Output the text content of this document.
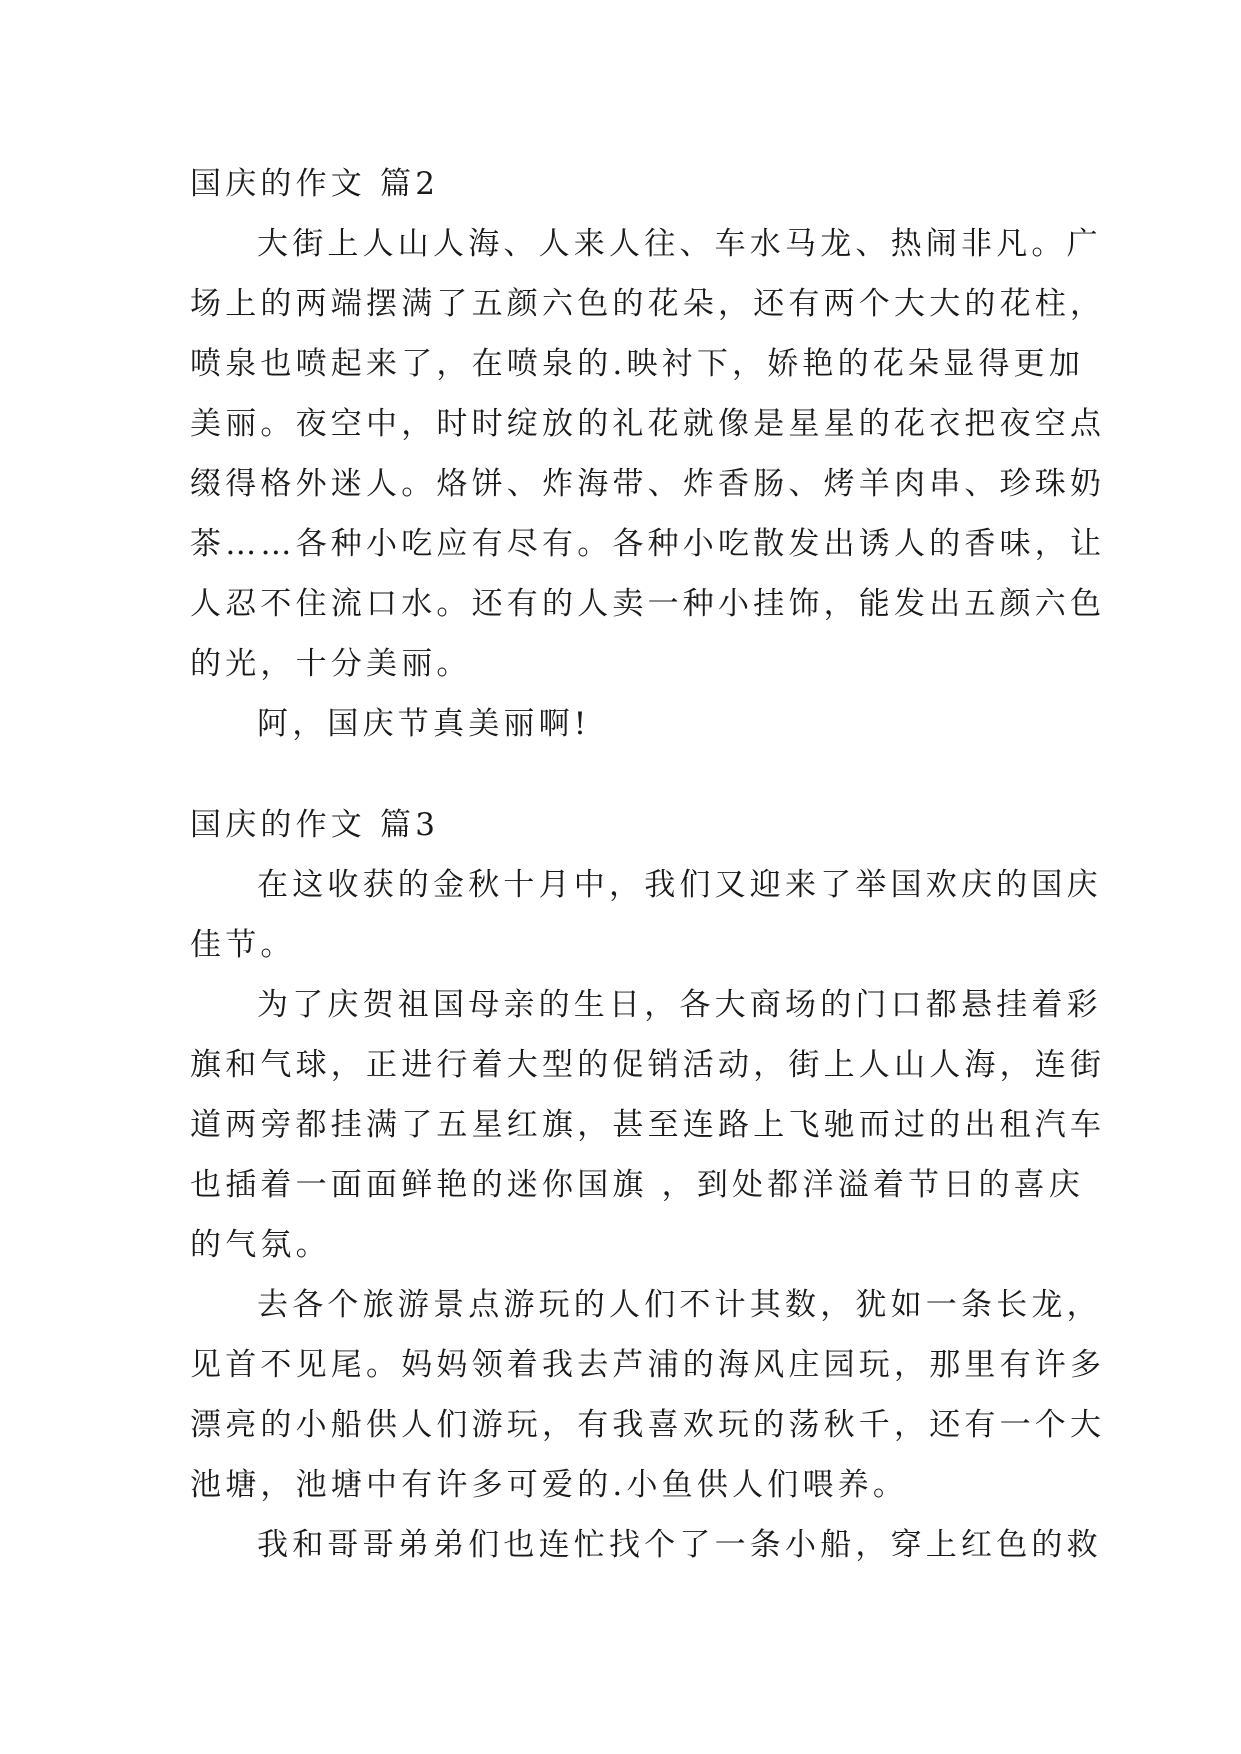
国庆的作文 篇2
大街上人山人海、人来人往、车水马龙、热闹非凡。广
场上的两端摆满了五颜六色的花朵，还有两个大大的花柱，
喷泉也喷起来了，在喷泉的.映衬下，娇艳的花朵显得更加
美丽。夜空中，时时绽放的礼花就像是星星的花衣把夜空点
缀得格外迷人。烙饼、炸海带、炸香肠、烤羊肉串、珍珠奶
茶……各种小吃应有尽有。各种小吃散发出诱人的香味，让
人忍不住流口水。还有的人卖一种小挂饰，能发出五颜六色
的光，十分美丽。
阿，国庆节真美丽啊!
国庆的作文 篇3
在这收获的金秋十月中，我们又迎来了举国欢庆的国庆
佳节。
为了庆贺祖国母亲的生日，各大商场的门口都悬挂着彩
旗和气球，正进行着大型的促销活动，街上人山人海，连街
道两旁都挂满了五星红旗，甚至连路上飞驰而过的出租汽车
也插着一面面鲜艳的迷你国旗 ，到处都洋溢着节日的喜庆
的气氛。
去各个旅游景点游玩的人们不计其数，犹如一条长龙，
见首不见尾。妈妈领着我去芦浦的海风庄园玩，那里有许多
漂亮的小船供人们游玩，有我喜欢玩的荡秋千，还有一个大
池塘，池塘中有许多可爱的.小鱼供人们喂养。
我和哥哥弟弟们也连忙找个了一条小船，穿上红色的救
